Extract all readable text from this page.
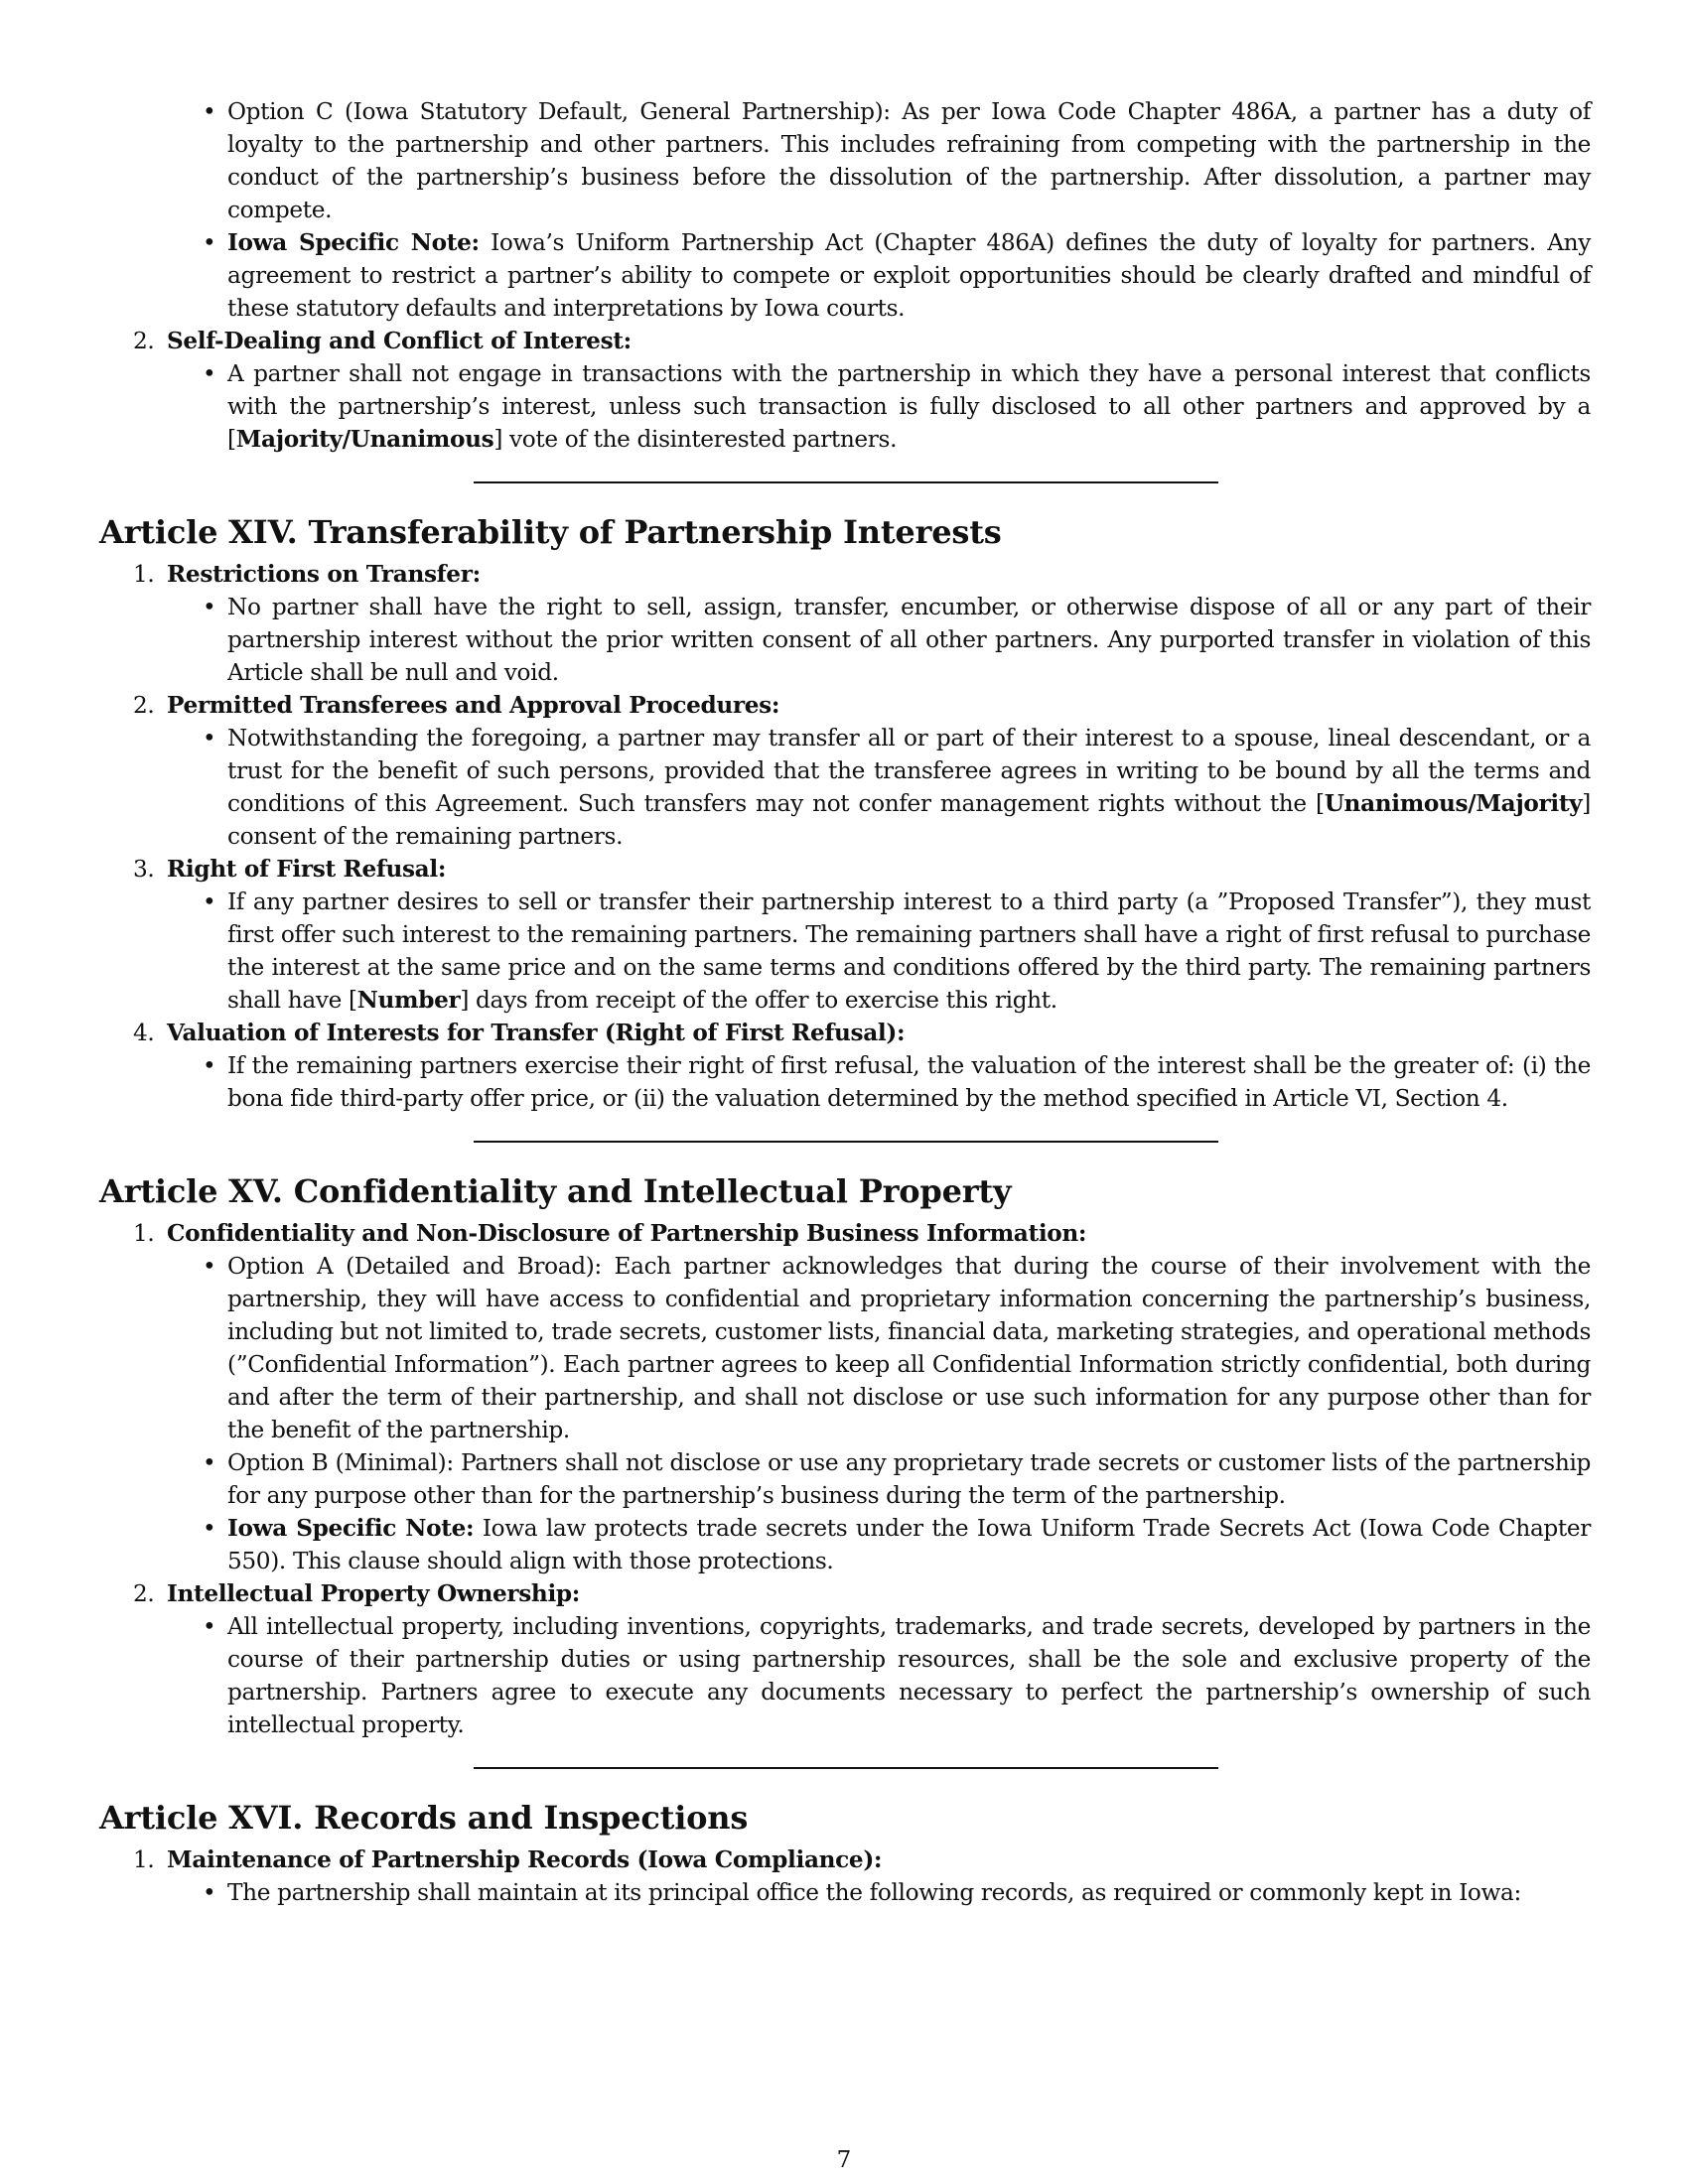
• Option C (Iowa Statutory Default, General Partnership): As per Iowa Code Chapter 486A, a partner has a duty of loyalty to the partnership and other partners. This includes refraining from competing with the partnership in the conduct of the partnership’s business before the dissolution of the partnership. After dissolution, a partner may compete.
• Iowa Specific Note: Iowa’s Uniform Partnership Act (Chapter 486A) defines the duty of loyalty for partners. Any agreement to restrict a partner’s ability to compete or exploit opportunities should be clearly drafted and mindful of these statutory defaults and interpretations by Iowa courts.
2. Self-Dealing and Conflict of Interest:
• A partner shall not engage in transactions with the partnership in which they have a personal interest that conflicts with the partnership’s interest, unless such transaction is fully disclosed to all other partners and approved by a [Majority/Unanimous] vote of the disinterested partners.
Article XIV. Transferability of Partnership Interests
1. Restrictions on Transfer:
• No partner shall have the right to sell, assign, transfer, encumber, or otherwise dispose of all or any part of their partnership interest without the prior written consent of all other partners. Any purported transfer in violation of this Article shall be null and void.
2. Permitted Transferees and Approval Procedures:
• Notwithstanding the foregoing, a partner may transfer all or part of their interest to a spouse, lineal descendant, or a trust for the benefit of such persons, provided that the transferee agrees in writing to be bound by all the terms and conditions of this Agreement. Such transfers may not confer management rights without the [Unanimous/Majority] consent of the remaining partners.
3. Right of First Refusal:
• If any partner desires to sell or transfer their partnership interest to a third party (a ”Proposed Transfer”), they must first offer such interest to the remaining partners. The remaining partners shall have a right of first refusal to purchase the interest at the same price and on the same terms and conditions offered by the third party. The remaining partners shall have [Number] days from receipt of the offer to exercise this right.
4. Valuation of Interests for Transfer (Right of First Refusal):
• If the remaining partners exercise their right of first refusal, the valuation of the interest shall be the greater of: (i) the bona fide third-party offer price, or (ii) the valuation determined by the method specified in Article VI, Section 4.
Article XV. Confidentiality and Intellectual Property
1. Confidentiality and Non-Disclosure of Partnership Business Information:
• Option A (Detailed and Broad): Each partner acknowledges that during the course of their involvement with the partnership, they will have access to confidential and proprietary information concerning the partnership’s business, including but not limited to, trade secrets, customer lists, financial data, marketing strategies, and operational methods (”Confidential Information”). Each partner agrees to keep all Confidential Information strictly confidential, both during and after the term of their partnership, and shall not disclose or use such information for any purpose other than for the benefit of the partnership.
• Option B (Minimal): Partners shall not disclose or use any proprietary trade secrets or customer lists of the partnership for any purpose other than for the partnership’s business during the term of the partnership.
• Iowa Specific Note: Iowa law protects trade secrets under the Iowa Uniform Trade Secrets Act (Iowa Code Chapter 550). This clause should align with those protections.
2. Intellectual Property Ownership:
• All intellectual property, including inventions, copyrights, trademarks, and trade secrets, developed by partners in the course of their partnership duties or using partnership resources, shall be the sole and exclusive property of the partnership. Partners agree to execute any documents necessary to perfect the partnership’s ownership of such intellectual property.
Article XVI. Records and Inspections
1. Maintenance of Partnership Records (Iowa Compliance):
• The partnership shall maintain at its principal office the following records, as required or commonly kept in Iowa:
7
